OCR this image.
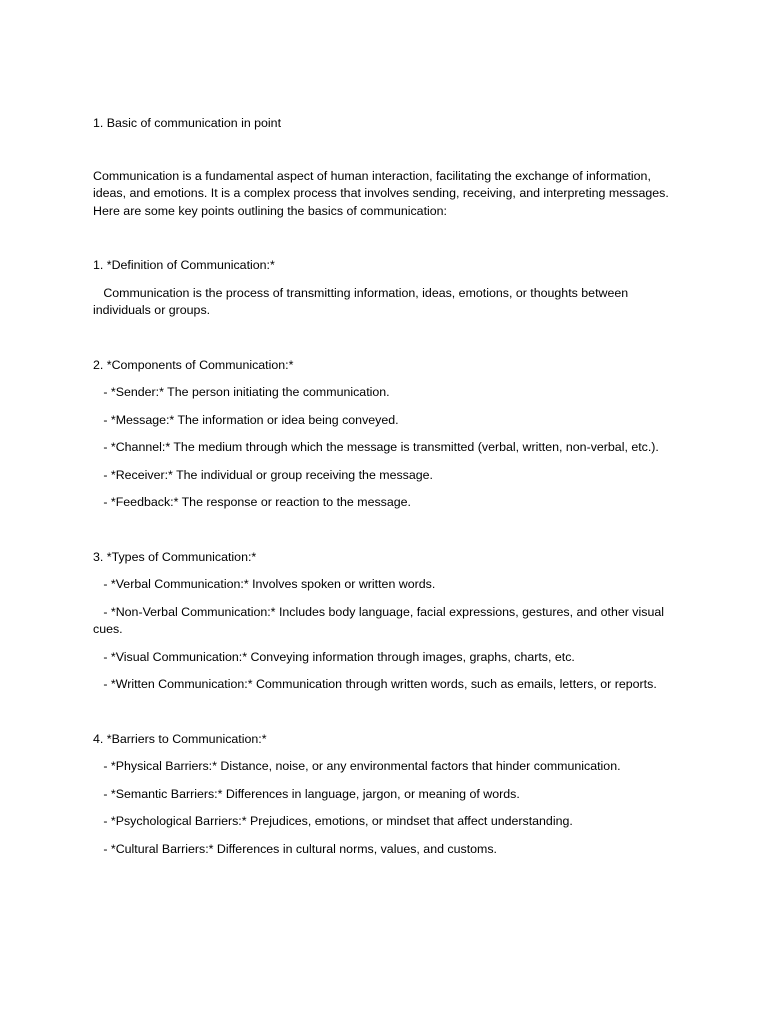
1. Basic of communication in point

Communication is a fundamental aspect of human interaction, facilitating the exchange of information, ideas, and emotions. It is a complex process that involves sending, receiving, and interpreting messages. Here are some key points outlining the basics of communication:

1. *Definition of Communication:*

Communication is the process of transmitting information, ideas, emotions, or thoughts between individuals or groups.

2. *Components of Communication:*

- *Sender:* The person initiating the communication.

- *Message:* The information or idea being conveyed.

- *Channel:* The medium through which the message is transmitted (verbal, written, non-verbal, etc.).

- *Receiver:* The individual or group receiving the message.

- *Feedback:* The response or reaction to the message.

3. *Types of Communication:*

- *Verbal Communication:* Involves spoken or written words.

- *Non-Verbal Communication:* Includes body language, facial expressions, gestures, and other visual cues.

- *Visual Communication:* Conveying information through images, graphs, charts, etc.

- *Written Communication:* Communication through written words, such as emails, letters, or reports.

4. *Barriers to Communication:*

- *Physical Barriers:* Distance, noise, or any environmental factors that hinder communication.

- *Semantic Barriers:* Differences in language, jargon, or meaning of words.

- *Psychological Barriers:* Prejudices, emotions, or mindset that affect understanding.

- *Cultural Barriers:* Differences in cultural norms, values, and customs.
